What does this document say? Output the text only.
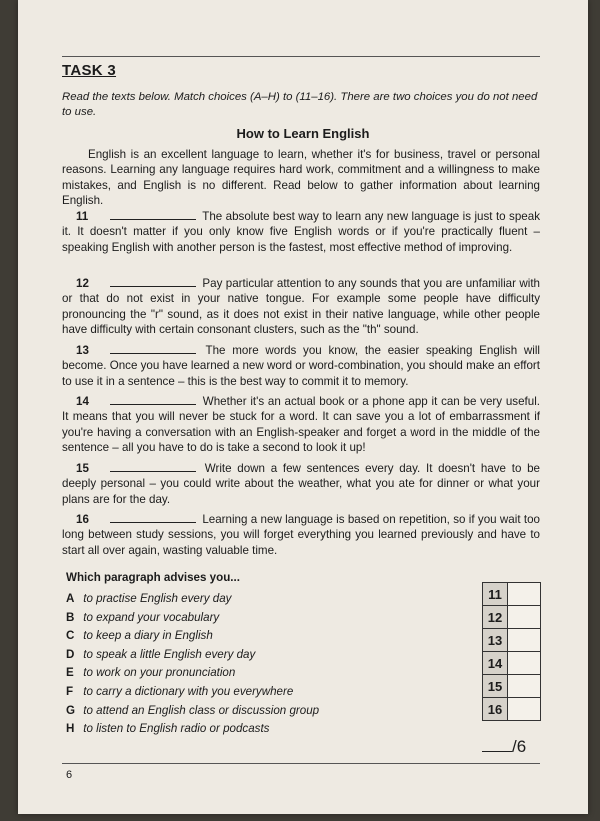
TASK 3
Read the texts below. Match choices (A–H) to (11–16). There are two choices you do not need to use.
How to Learn English

English is an excellent language to learn, whether it's for business, travel or personal reasons. Learning any language requires hard work, commitment and a willingness to make mistakes, and English is no different. Read below to gather information about learning English.

11	The absolute best way to learn any new language is just to speak it. It doesn't matter if you only know five English words or if you're practically fluent – speaking English with another person is the fastest, most effective method of improving.

12	Pay particular attention to any sounds that you are unfamiliar with or that do not exist in your native tongue. For example some people have difficulty pronouncing the "r" sound, as it does not exist in their native language, while other people have difficulty with certain consonant clusters, such as the "th" sound.

13	The more words you know, the easier speaking English will become. Once you have learned a new word or word-combination, you should make an effort to use it in a sentence – this is the best way to commit it to memory.

14	Whether it's an actual book or a phone app it can be very useful. It means that you will never be stuck for a word. It can save you a lot of embarrassment if you're having a conversation with an English-speaker and forget a word in the middle of the sentence – all you have to do is take a second to look it up!

15	Write down a few sentences every day. It doesn't have to be deeply personal – you could write about the weather, what you ate for dinner or what your plans are for the day.

16	Learning a new language is based on repetition, so if you wait too long between study sessions, you will forget everything you learned previously and have to start all over again, wasting valuable time.

Which paragraph advises you...
A to practise English every day
B to expand your vocabulary
C to keep a diary in English
D to speak a little English every day
E to work on your pronunciation
F to carry a dictionary with you everywhere
G to attend an English class or discussion group
H to listen to English radio or podcasts
11	
12	
13	
14	
15	
16	
/6
6
